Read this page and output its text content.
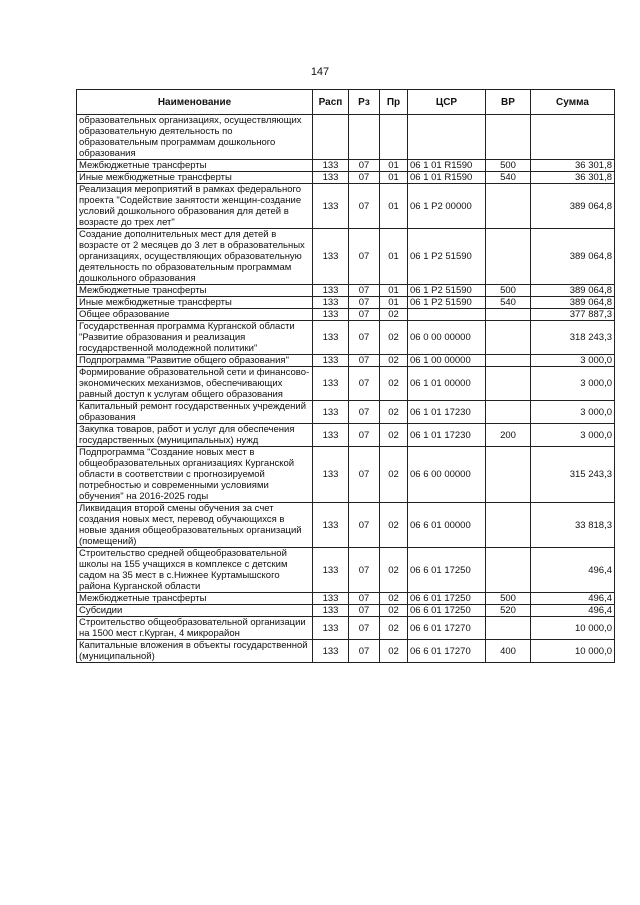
147
Наименование	Расп	Рз	Пр	ЦСР	ВР	Сумма
образовательных организациях, осуществляющих образовательную деятельность по образовательным программам дошкольного образования						
Межбюджетные трансферты	133	07	01	06 1 01 R1590	500	36 301,8
Иные межбюджетные трансферты	133	07	01	06 1 01 R1590	540	36 301,8
Реализация мероприятий в рамках федерального проекта "Содействие занятости женщин-создание условий дошкольного образования для детей в возрасте до трех лет"	133	07	01	06 1 P2 00000		389 064,8
Создание дополнительных мест для детей в возрасте от 2 месяцев до 3 лет в образовательных организациях, осуществляющих образовательную деятельность по образовательным программам дошкольного образования	133	07	01	06 1 P2 51590		389 064,8
Межбюджетные трансферты	133	07	01	06 1 P2 51590	500	389 064,8
Иные межбюджетные трансферты	133	07	01	06 1 P2 51590	540	389 064,8
Общее образование	133	07	02			377 887,3
Государственная программа Курганской области "Развитие образования и реализация государственной молодежной политики"	133	07	02	06 0 00 00000		318 243,3
Подпрограмма "Развитие общего образования"	133	07	02	06 1 00 00000		3 000,0
Формирование образовательной сети и финансово-экономических механизмов, обеспечивающих равный доступ к услугам общего образования	133	07	02	06 1 01 00000		3 000,0
Капитальный ремонт государственных учреждений образования	133	07	02	06 1 01 17230		3 000,0
Закупка товаров, работ и услуг для обеспечения государственных (муниципальных) нужд	133	07	02	06 1 01 17230	200	3 000,0
Подпрограмма "Создание новых мест в общеобразовательных организациях Курганской области в соответствии с прогнозируемой потребностью и современными условиями обучения" на 2016-2025 годы	133	07	02	06 6 00 00000		315 243,3
Ликвидация второй смены обучения за счет создания новых мест, перевод обучающихся в новые здания общеобразовательных организаций (помещений)	133	07	02	06 6 01 00000		33 818,3
Строительство средней общеобразовательной школы на 155 учащихся в комплексе с детским садом на 35 мест в с.Нижнее Куртамышского района Курганской области	133	07	02	06 6 01 17250		496,4
Межбюджетные трансферты	133	07	02	06 6 01 17250	500	496,4
Субсидии	133	07	02	06 6 01 17250	520	496,4
Строительство общеобразовательной организации на 1500 мест г.Курган, 4 микрорайон	133	07	02	06 6 01 17270		10 000,0
Капитальные вложения в объекты государственной (муниципальной)	133	07	02	06 6 01 17270	400	10 000,0
